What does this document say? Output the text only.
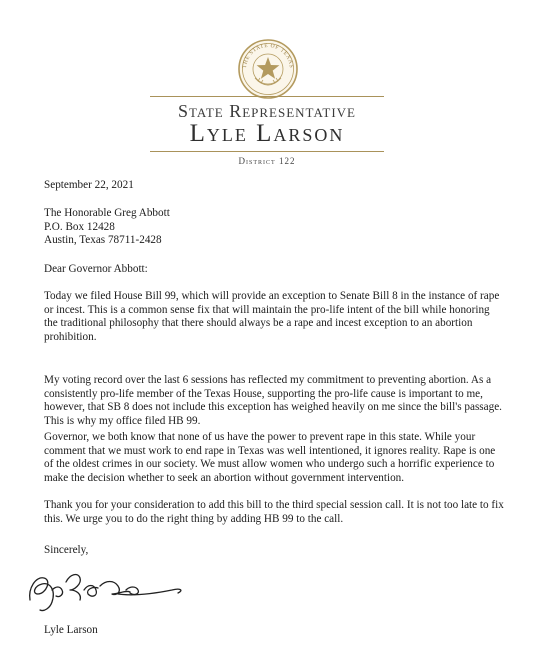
THE STATE OF TEXAS
State Representative
Lyle Larson
District 122
September 22, 2021
The Honorable Greg Abbott
P.O. Box 12428
Austin, Texas 78711-2428
Dear Governor Abbott:
Today we filed House Bill 99, which will provide an exception to Senate Bill 8 in the instance of rape or incest. This is a common sense fix that will maintain the pro-life intent of the bill while honoring the traditional philosophy that there should always be a rape and incest exception to an abortion prohibition.
My voting record over the last 6 sessions has reflected my commitment to preventing abortion. As a consistently pro-life member of the Texas House, supporting the pro-life cause is important to me, however, that SB 8 does not include this exception has weighed heavily on me since the bill's passage. This is why my office filed HB 99.
Governor, we both know that none of us have the power to prevent rape in this state. While your comment that we must work to end rape in Texas was well intentioned, it ignores reality. Rape is one of the oldest crimes in our society. We must allow women who undergo such a horrific experience to make the decision whether to seek an abortion without government intervention.
Thank you for your consideration to add this bill to the third special session call. It is not too late to fix this. We urge you to do the right thing by adding HB 99 to the call.
Sincerely,
Lyle Larson
